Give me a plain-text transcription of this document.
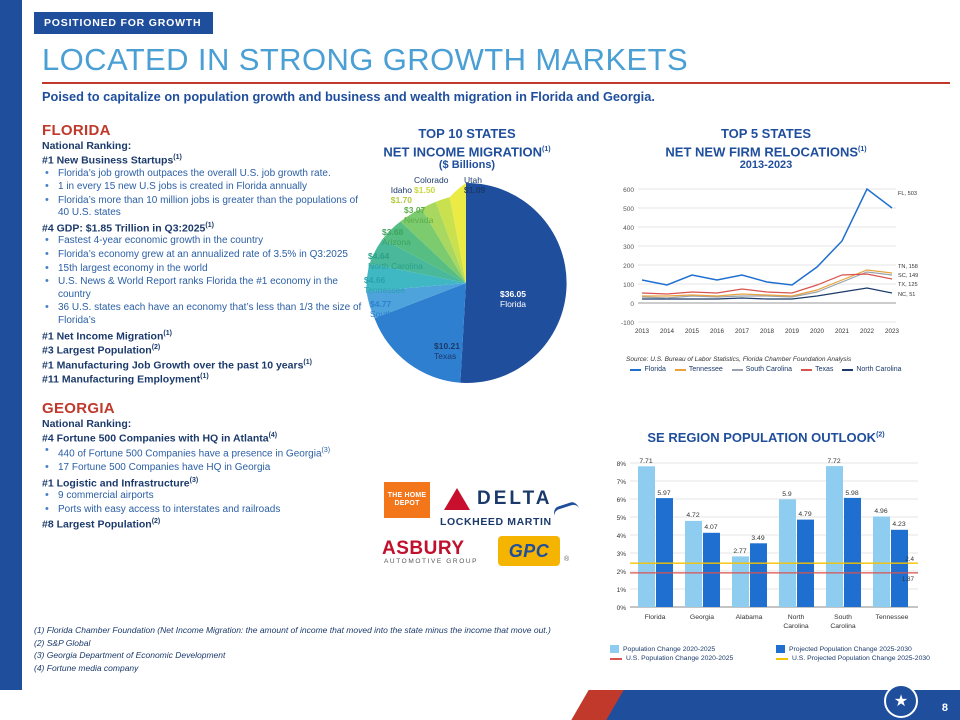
POSITIONED FOR GROWTH
LOCATED IN STRONG GROWTH MARKETS
Poised to capitalize on population growth and business and wealth migration in Florida and Georgia.
FLORIDA
National Ranking:
#1 New Business Startups$^{(1)}$
• Florida’s job growth outpaces the overall U.S. job growth rate.
• 1 in every 15 new U.S jobs is created in Florida annually
• Florida’s more than 10 million jobs is greater than the populations of 40 U.S. states
#4 GDP: $1.85 Trillion in Q3:2025$^{(1)}$
• Fastest 4-year economic growth in the country
• Florida’s economy grew at an annualized rate of 3.5% in Q3:2025
• 15th largest economy in the world
• U.S. News & World Report ranks Florida the #1 economy in the country
• 36 U.S. states each have an economy that’s less than 1/3 the size of Florida’s
#1 Net Income Migration$^{(1)}$
#3 Largest Population$^{(2)}$
#1 Manufacturing Job Growth over the past 10 years$^{(1)}$
#11 Manufacturing Employment$^{(1)}$
GEORGIA
National Ranking:
#4 Fortune 500 Companies with HQ in Atlanta$^{(4)}$
• 440 of Fortune 500 Companies have a presence in Georgia$^{(3)}$
• 17 Fortune 500 Companies have HQ in Georgia
#1 Logistic and Infrastructure$^{(3)}$
• 9 commercial airports
• Ports with easy access to interstates and railroads
#8 Largest Population$^{(2)}$
THE HOME DEPOT	DELTA
LOCKHEED MARTIN
ASBURY
AUTOMOTIVE GROUP
GPC ®
TOP 10 STATES
NET INCOME MIGRATION$^{(1)}$
($ Billions)
$36.05
Florida
$10.21
Texas
$4.77
South Carolina
$4.66
Tennessee
$4.64
North Carolina
$3.68
Arizona
$3.07
Nevada
Idaho
$1.70
Colorado
$1.50
Utah
$1.09
TOP 5 STATES
NET NEW FIRM RELOCATIONS$^{(1)}$
2013-2023
600
500
400
300
200
100
0
-100
FL, 503
TN, 158
SC, 149
TX, 125
NC, 51
2013 2014 2015 2016 2017 2018 2019 2020 2021 2022 2023
Source: U.S. Bureau of Labor Statistics, Florida Chamber Foundation Analysis
Florida	Tennessee	South Carolina	Texas	North Carolina
SE REGION POPULATION OUTLOOK$^{(2)}$
8%
7%
6%
5%
4%
3%
2%
1%
0%
2.4
1.87
7.71
5.97
4.72
4.07
2.77
3.49
5.9
4.79
7.72
5.98
4.96
4.23
Florida	Georgia	Alabama	North
Carolina
South
Carolina
Tennessee
Population Change 2020-2025	Projected Population Change 2025-2030
U.S. Population Change 2020-2025	U.S. Projected Population Change 2025-2030
(1) Florida Chamber Foundation (Net Income Migration: the amount of income that moved into the state minus the income that move out.)
(2) S&P Global
(3) Georgia Department of Economic Development
(4) Fortune media company
★	8
